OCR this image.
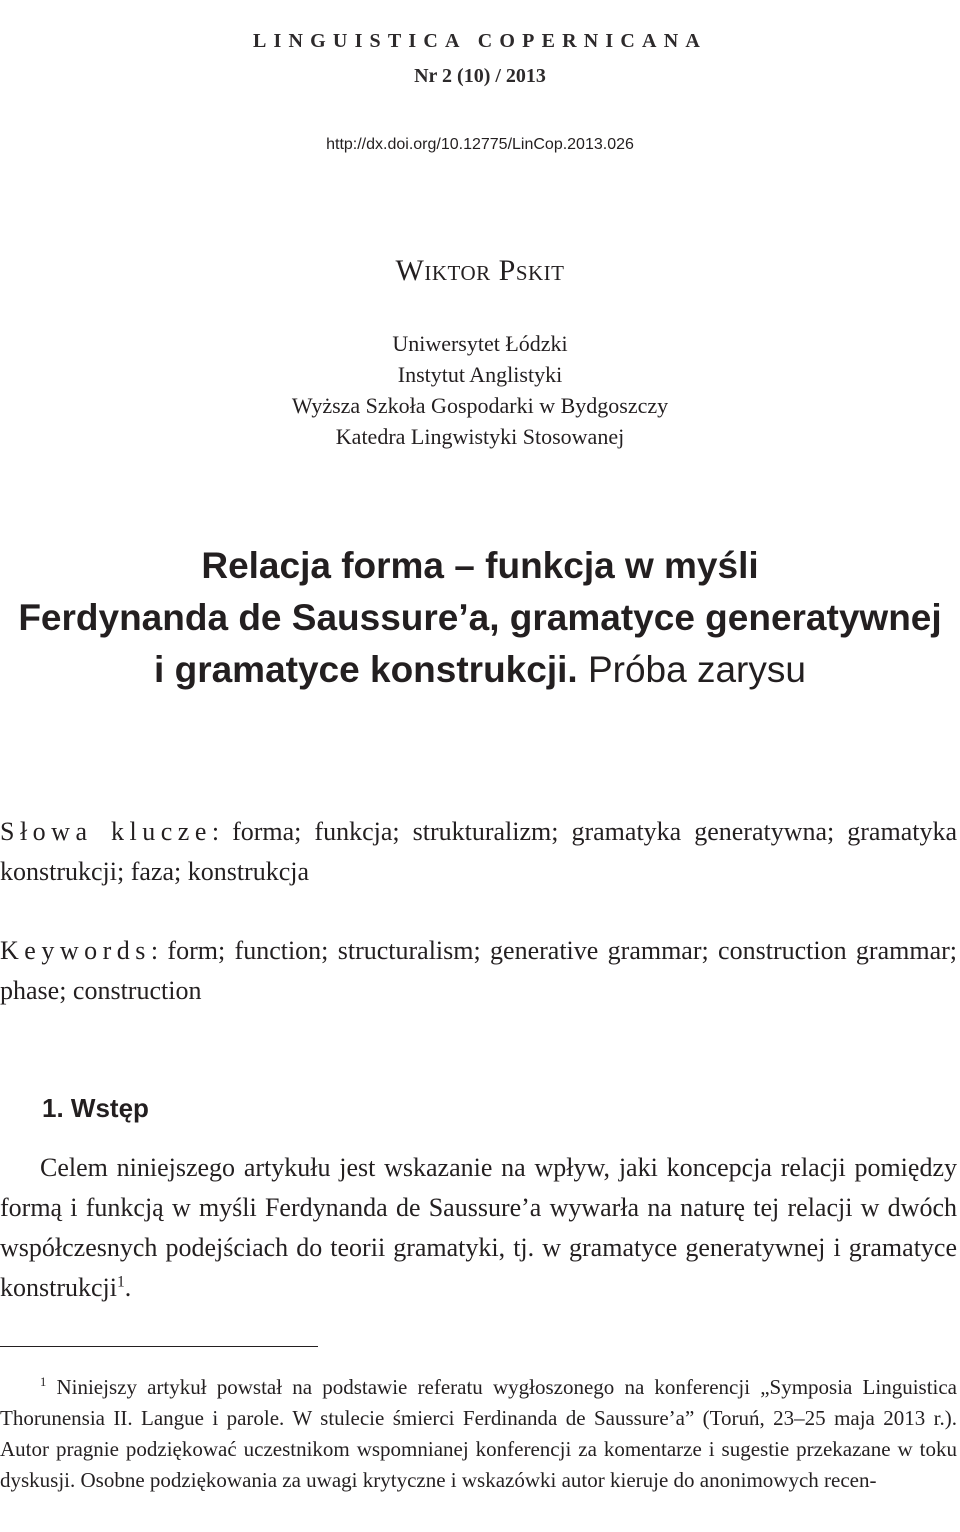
LINGUISTICA COPERNICANA
Nr 2 (10) / 2013
http://dx.doi.org/10.12775/LinCop.2013.026
WIKTOR PSKIT
Uniwersytet Łódzki
Instytut Anglistyki
Wyższa Szkoła Gospodarki w Bydgoszczy
Katedra Lingwistyki Stosowanej
Relacja forma – funkcja w myśli
Ferdynanda de Saussure’a, gramatyce generatywnej
i gramatyce konstrukcji. Próba zarysu

Słowa klucze: forma; funkcja; strukturalizm; gramatyka generatywna; gramatyka konstrukcji; faza; konstrukcja

Keywords: form; function; structuralism; generative grammar; construction grammar; phase; construction

1. Wstęp

Celem niniejszego artykułu jest wskazanie na wpływ, jaki koncepcja relacji pomiędzy formą i funkcją w myśli Ferdynanda de Saussure’a wywarła na naturę tej relacji w dwóch współczesnych podejściach do teorii gramatyki, tj. w gramatyce generatywnej i gramatyce konstrukcji$^1$.

$^1$ Niniejszy artykuł powstał na podstawie referatu wygłoszonego na konferencji „Symposia Linguistica Thorunensia II. Langue i parole. W stulecie śmierci Ferdinanda de Saussure’a” (Toruń, 23–25 maja 2013 r.). Autor pragnie podziękować uczestnikom wspomnianej konferencji za komentarze i sugestie przekazane w toku dyskusji. Osobne podziękowania za uwagi krytyczne i wskazówki autor kieruje do anonimowych recen-
